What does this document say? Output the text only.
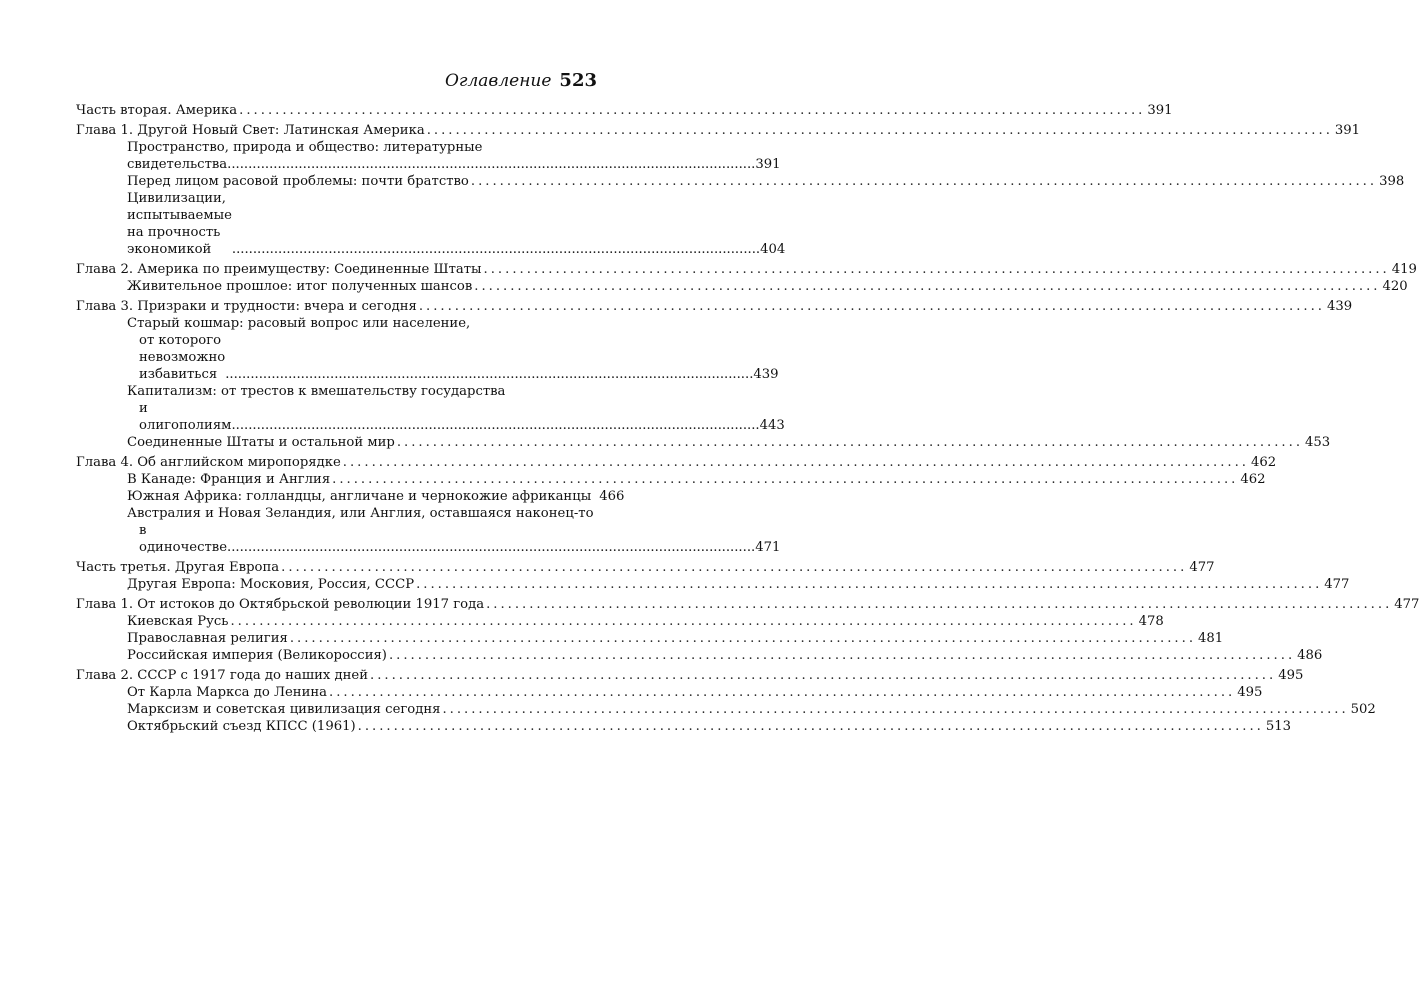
Оглавление 523
Часть вторая. Америка .............................................................................................................................. 391
Глава 1. Другой Новый Свет: Латинская Америка .............................................................................................................................. 391
Пространство, природа и общество: литературные
свидетельства .............................................................................................................................. 391
Перед лицом расовой проблемы: почти братство .............................................................................................................................. 398
Цивилизации,
испытываемые на прочность экономикой	.............................................................................................................................. 404
Глава 2. Америка по преимуществу: Соединенные Штаты .............................................................................................................................. 419
Живительное прошлое: итог полученных шансов .............................................................................................................................. 420
Глава 3. Призраки и трудности: вчера и сегодня .............................................................................................................................. 439
Старый кошмар: расовый вопрос или население,
от которого невозможно избавиться .............................................................................................................................. 439
Капитализм: от трестов к вмешательству государства
и олигополиям .............................................................................................................................. 443
Соединенные Штаты и остальной мир .............................................................................................................................. 453
Глава 4. Об английском миропорядке .............................................................................................................................. 462
В Канаде: Франция и Англия .............................................................................................................................. 462
Южная Африка: голландцы, англичане и чернокожие африканцы 466
Австралия и Новая Зеландия, или Англия, оставшаяся наконец-то
в одиночестве .............................................................................................................................. 471
Часть третья. Другая Европа .............................................................................................................................. 477
Другая Европа: Московия, Россия, СССР .............................................................................................................................. 477
Глава 1. От истоков до Октябрьской революции 1917 года .............................................................................................................................. 477
Киевская Русь .............................................................................................................................. 478
Православная религия .............................................................................................................................. 481
Российская империя (Великороссия) .............................................................................................................................. 486
Глава 2. СССР с 1917 года до наших дней .............................................................................................................................. 495
От Карла Маркса до Ленина .............................................................................................................................. 495
Марксизм и советская цивилизация сегодня .............................................................................................................................. 502
Октябрьский съезд КПСС (1961) .............................................................................................................................. 513
